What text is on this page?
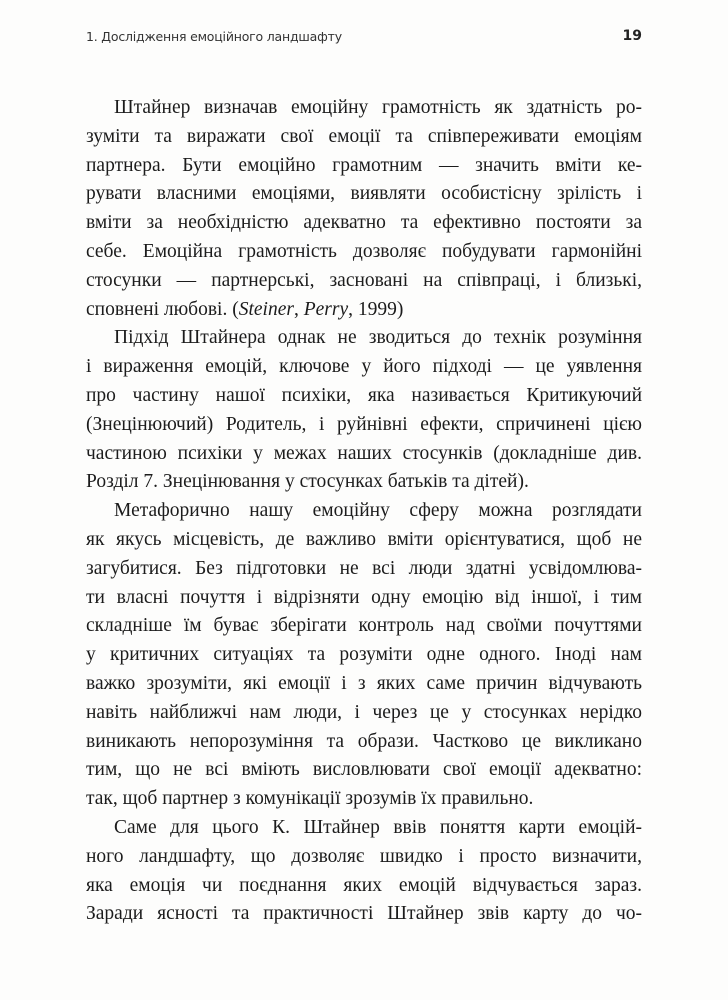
1. Дослідження емоційного ландшафту	19
Штайнер визначав емоційну грамотність як здатність ро-
зуміти та виражати свої емоції та співпереживати емоціям
партнера. Бути емоційно грамотним — значить вміти ке-
рувати власними емоціями, виявляти особистісну зрілість і
вміти за необхідністю адекватно та ефективно постояти за
себе. Емоційна грамотність дозволяє побудувати гармонійні
стосунки — партнерські, засновані на співпраці, і близькі,
сповнені любові. (Steiner, Perry, 1999)
Підхід Штайнера однак не зводиться до технік розуміння
і вираження емоцій, ключове у його підході — це уявлення
про частину нашої психіки, яка називається Критикуючий
(Знецінюючий) Родитель, і руйнівні ефекти, спричинені цією
частиною психіки у межах наших стосунків (докладніше див.
Розділ 7. Знецінювання у стосунках батьків та дітей).
Метафорично нашу емоційну сферу можна розглядати
як якусь місцевість, де важливо вміти орієнтуватися, щоб не
загубитися. Без підготовки не всі люди здатні усвідомлюва-
ти власні почуття і відрізняти одну емоцію від іншої, і тим
складніше їм буває зберігати контроль над своїми почуттями
у критичних ситуаціях та розуміти одне одного. Іноді нам
важко зрозуміти, які емоції і з яких саме причин відчувають
навіть найближчі нам люди, і через це у стосунках нерідко
виникають непорозуміння та образи. Частково це викликано
тим, що не всі вміють висловлювати свої емоції адекватно:
так, щоб партнер з комунікації зрозумів їх правильно.
Саме для цього К. Штайнер ввів поняття карти емоцій-
ного ландшафту, що дозволяє швидко і просто визначити,
яка емоція чи поєднання яких емоцій відчувається зараз.
Заради ясності та практичності Штайнер звів карту до чо-
